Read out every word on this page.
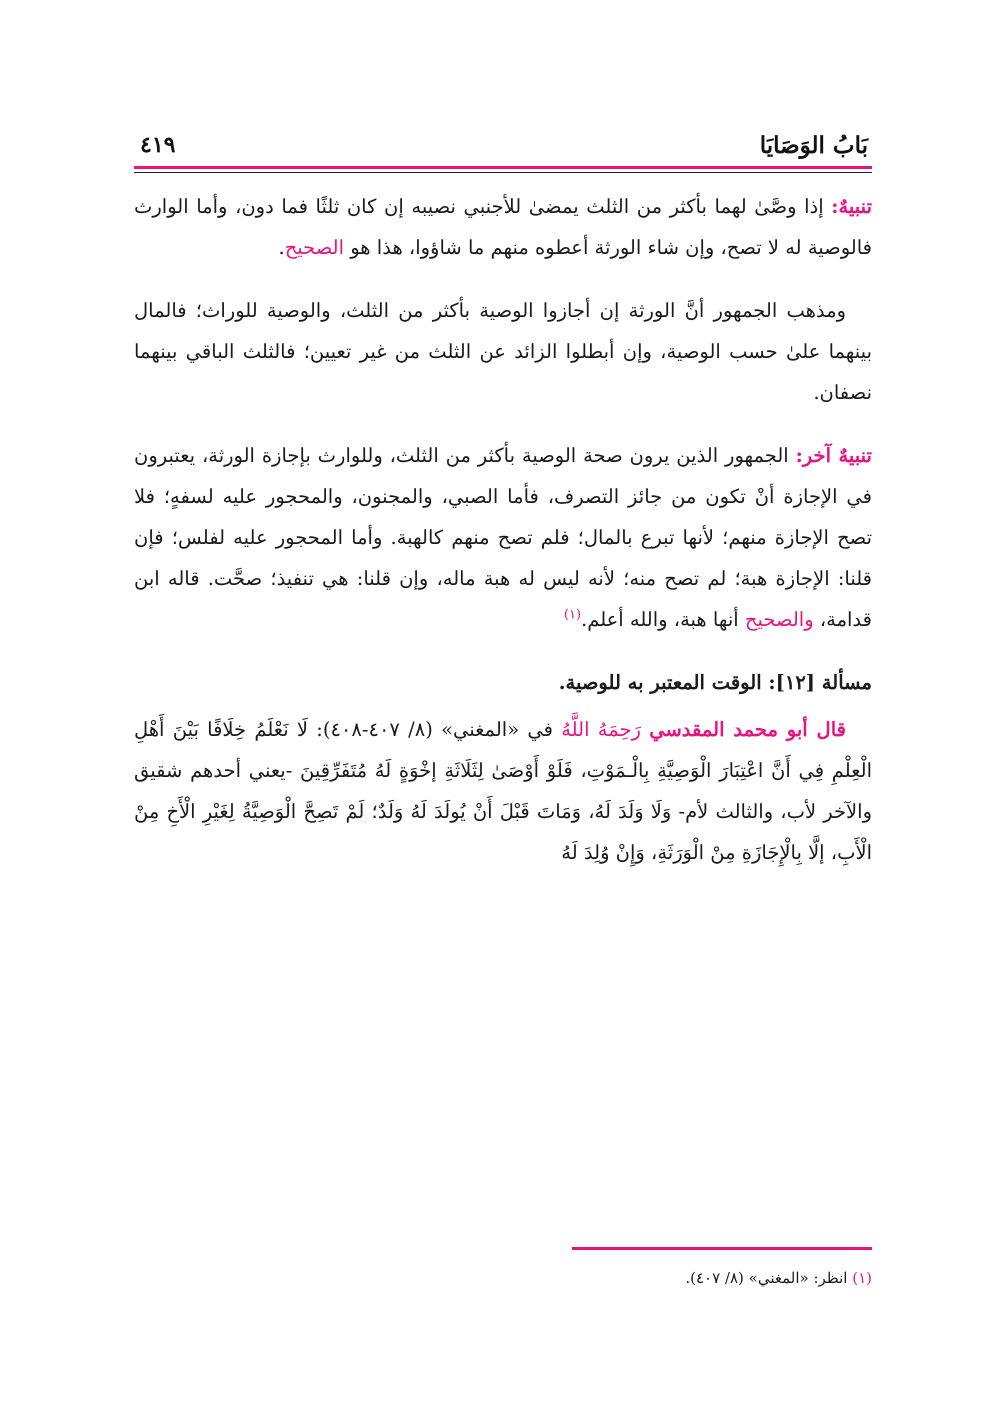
بَابُ الوَصَايَا
٤١٩

تنبيهٌ: إذا وصَّىٰ لهما بأكثر من الثلث يمضىٰ للأجنبي نصيبه إن كان ثلثًا فما دون، وأما الوارث فالوصية له لا تصح، وإن شاء الورثة أعطوه منهم ما شاؤوا، هذا هو الصحيح.

ومذهب الجمهور أنَّ الورثة إن أجازوا الوصية بأكثر من الثلث، والوصية للوراث؛ فالمال بينهما علىٰ حسب الوصية، وإن أبطلوا الزائد عن الثلث من غير تعيين؛ فالثلث الباقي بينهما نصفان.

تنبيهٌ آخر: الجمهور الذين يرون صحة الوصية بأكثر من الثلث، وللوارث بإجازة الورثة، يعتبرون في الإجازة أنْ تكون من جائز التصرف، فأما الصبي، والمجنون، والمحجور عليه لسفهٍ؛ فلا تصح الإجازة منهم؛ لأنها تبرع بالمال؛ فلم تصح منهم كالهبة. وأما المحجور عليه لفلس؛ فإن قلنا: الإجازة هبة؛ لم تصح منه؛ لأنه ليس له هبة ماله، وإن قلنا: هي تنفيذ؛ صحَّت. قاله ابن قدامة، والصحيح أنها هبة، والله أعلم.$^{(١)}$

مسألة [١٢]: الوقت المعتبر به للوصية.

قال أبو محمد المقدسي رَحِمَهُ اللَّهُ في «المغني» (٨/ ٤٠٧-٤٠٨): لَا نَعْلَمُ خِلَافًا بَيْنَ أَهْلِ الْعِلْمِ فِي أَنَّ اعْتِبَارَ الْوَصِيَّةِ بِالْـمَوْتِ، فَلَوْ أَوْصَىٰ لِثَلَاثَةِ إخْوَةٍ لَهُ مُتَفَرِّقِينَ -يعني أحدهم شقيق والآخر لأب، والثالث لأم- وَلَا وَلَدَ لَهُ، وَمَاتَ قَبْلَ أَنْ يُولَدَ لَهُ وَلَدٌ؛ لَمْ تَصِحَّ الْوَصِيَّةُ لِغَيْرِ الْأَخِ مِنْ الْأَبِ، إلَّا بِالْإِجَازَةِ مِنْ الْوَرَثَةِ، وَإِنْ وُلِدَ لَهُ

(١) انظر: «المغني» (٨/ ٤٠٧).
